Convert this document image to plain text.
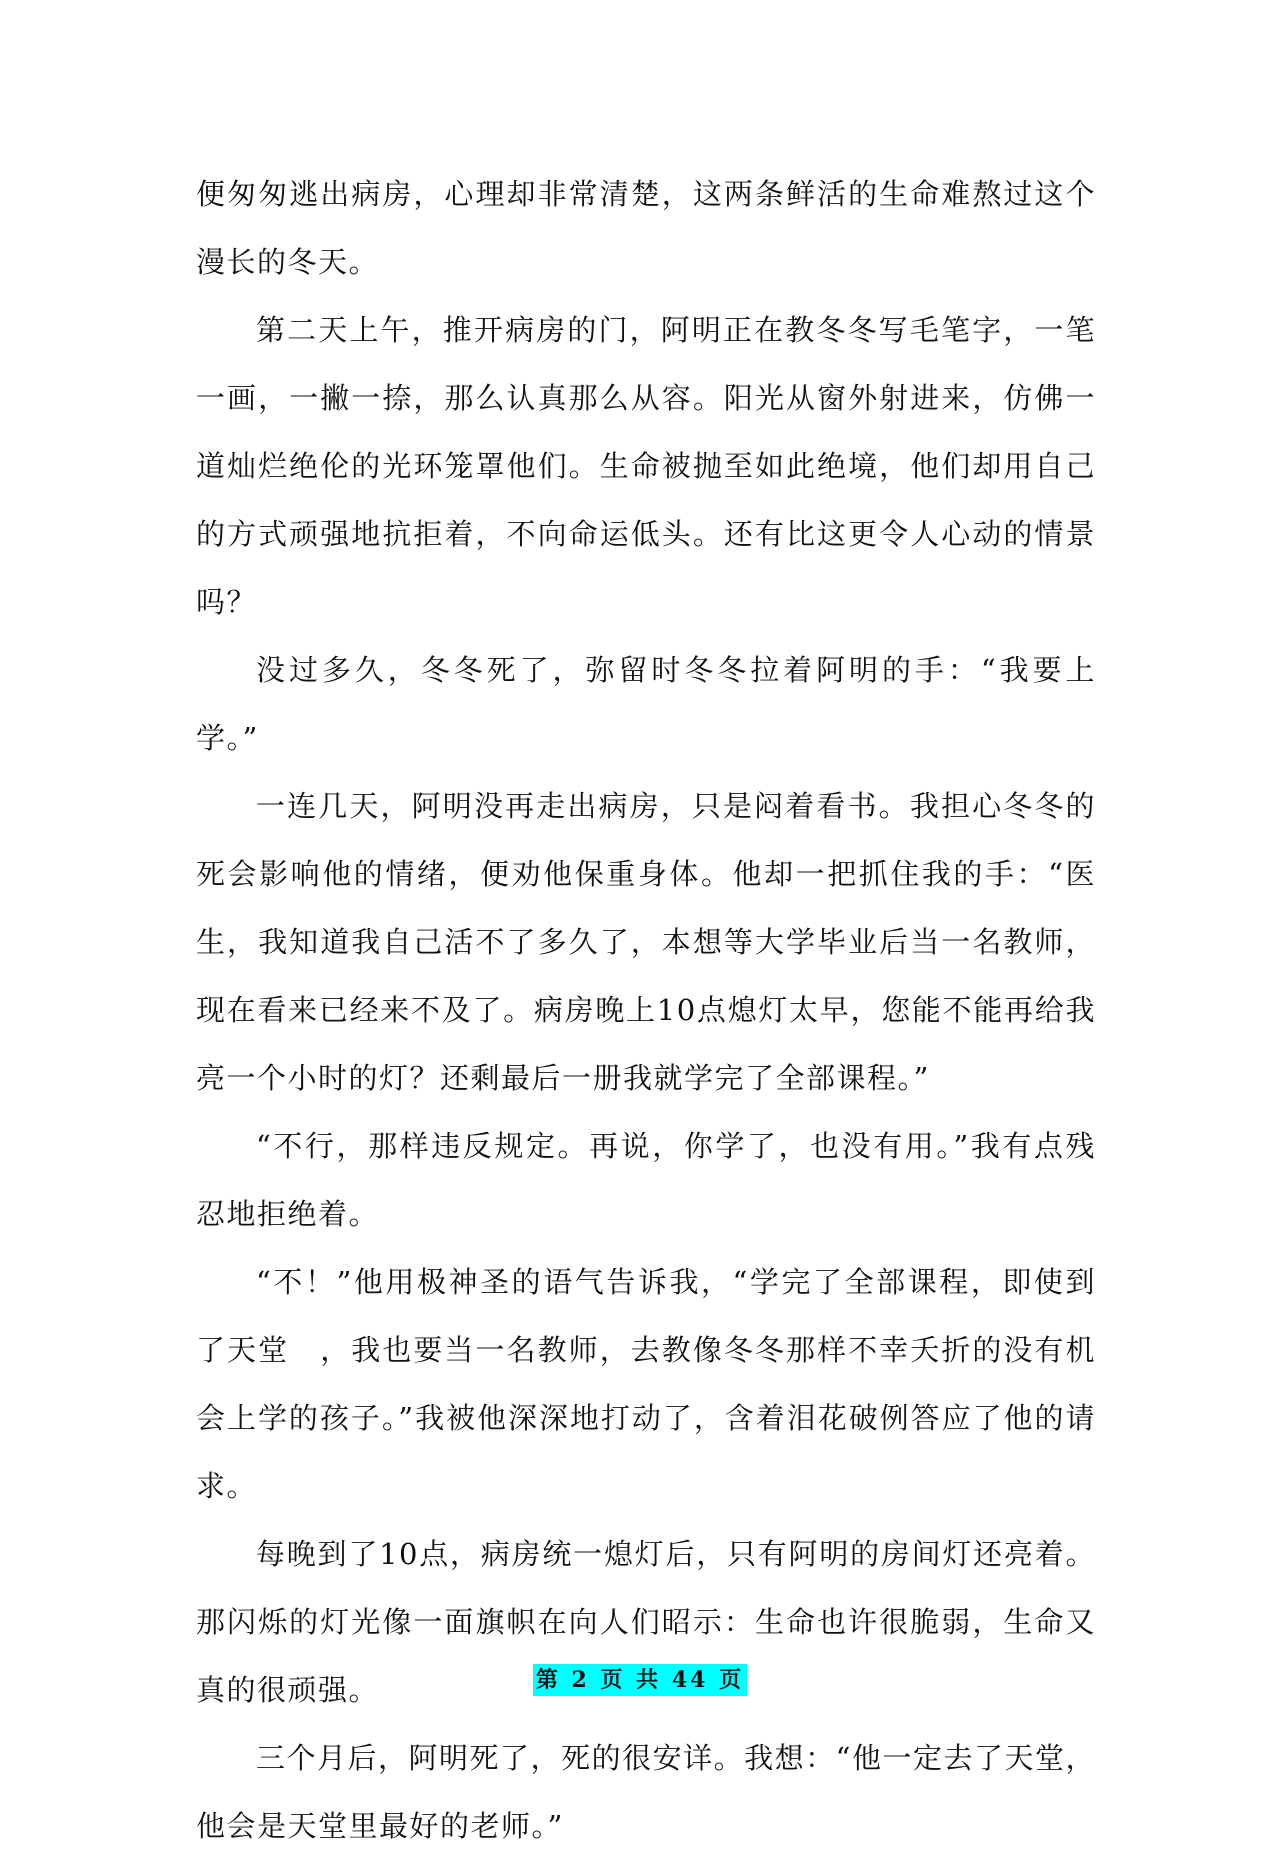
便匆匆逃出病房，心理却非常清楚，这两条鲜活的生命难熬过这个漫长的冬天。

第二天上午，推开病房的门，阿明正在教冬冬写毛笔字，一笔一画，一撇一捺，那么认真那么从容。阳光从窗外射进来，仿佛一道灿烂绝伦的光环笼罩他们。生命被抛至如此绝境，他们却用自己的方式顽强地抗拒着，不向命运低头。还有比这更令人心动的情景吗？

没过多久，冬冬死了，弥留时冬冬拉着阿明的手：“我要上学。”

一连几天，阿明没再走出病房，只是闷着看书。我担心冬冬的死会影响他的情绪，便劝他保重身体。他却一把抓住我的手：“医生，我知道我自己活不了多久了，本想等大学毕业后当一名教师，现在看来已经来不及了。病房晚上10点熄灯太早，您能不能再给我亮一个小时的灯？还剩最后一册我就学完了全部课程。”

“不行，那样违反规定。再说，你学了，也没有用。”我有点残忍地拒绝着。

“不！”他用极神圣的语气告诉我，“学完了全部课程，即使到了天堂　，我也要当一名教师，去教像冬冬那样不幸夭折的没有机会上学的孩子。”我被他深深地打动了，含着泪花破例答应了他的请求。

每晚到了10点，病房统一熄灯后，只有阿明的房间灯还亮着。那闪烁的灯光像一面旗帜在向人们昭示：生命也许很脆弱，生命又真的很顽强。

三个月后，阿明死了，死的很安详。我想：“他一定去了天堂，他会是天堂里最好的老师。”

第 2 页 共 44 页
